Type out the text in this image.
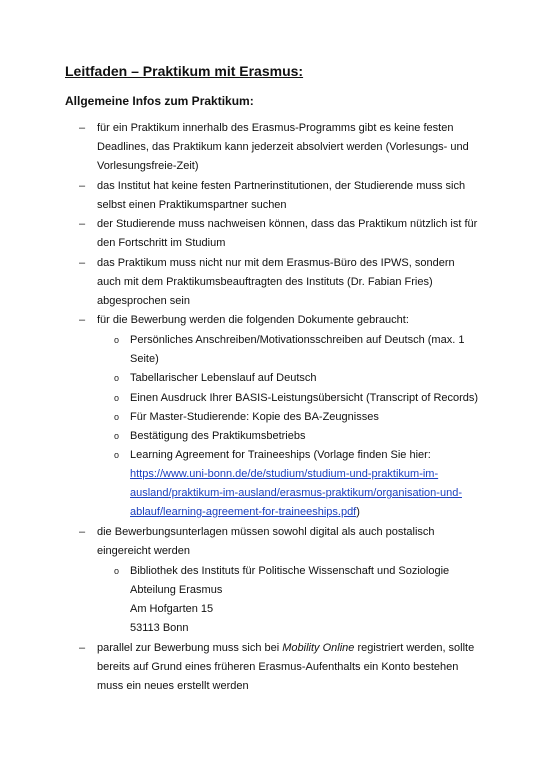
Leitfaden – Praktikum mit Erasmus:
Allgemeine Infos zum Praktikum:
– für ein Praktikum innerhalb des Erasmus-Programms gibt es keine festen
Deadlines, das Praktikum kann jederzeit absolviert werden (Vorlesungs- und
Vorlesungsfreie-Zeit)
– das Institut hat keine festen Partnerinstitutionen, der Studierende muss sich
selbst einen Praktikumspartner suchen
– der Studierende muss nachweisen können, dass das Praktikum nützlich ist für
den Fortschritt im Studium
– das Praktikum muss nicht nur mit dem Erasmus-Büro des IPWS, sondern
auch mit dem Praktikumsbeauftragten des Instituts (Dr. Fabian Fries)
abgesprochen sein
– für die Bewerbung werden die folgenden Dokumente gebraucht:
o Persönliches Anschreiben/Motivationsschreiben auf Deutsch (max. 1
Seite)
o Tabellarischer Lebenslauf auf Deutsch
o Einen Ausdruck Ihrer BASIS-Leistungsübersicht (Transcript of Records)
o Für Master-Studierende: Kopie des BA-Zeugnisses
o Bestätigung des Praktikumsbetriebs
o Learning Agreement for Traineeships (Vorlage finden Sie hier:
https://www.uni-bonn.de/de/studium/studium-und-praktikum-im-
ausland/praktikum-im-ausland/erasmus-praktikum/organisation-und-
ablauf/learning-agreement-for-traineeships.pdf)
– die Bewerbungsunterlagen müssen sowohl digital als auch postalisch
eingereicht werden
o Bibliothek des Instituts für Politische Wissenschaft und Soziologie
Abteilung Erasmus
Am Hofgarten 15
53113 Bonn
– parallel zur Bewerbung muss sich bei Mobility Online registriert werden, sollte
bereits auf Grund eines früheren Erasmus-Aufenthalts ein Konto bestehen
muss ein neues erstellt werden
